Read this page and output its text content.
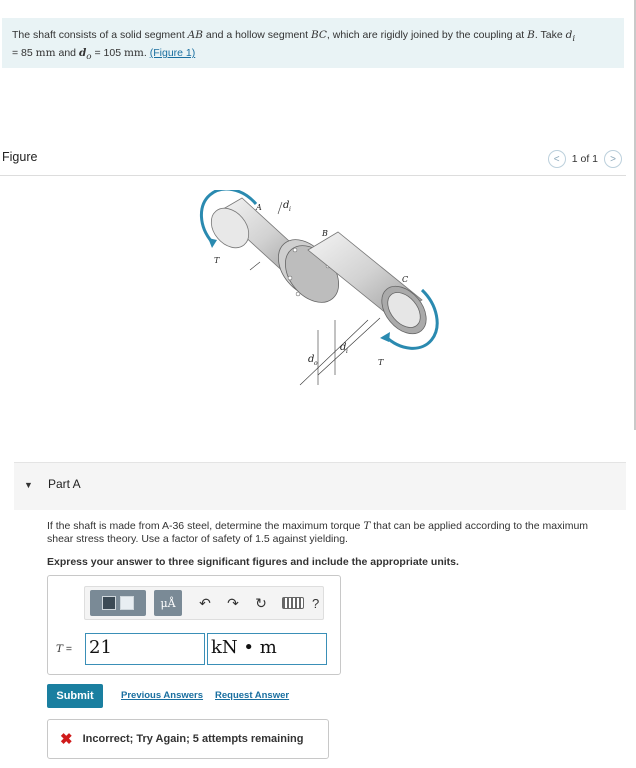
The shaft consists of a solid segment AB and a hollow segment BC, which are rigidly joined by the coupling at B. Take $d_i$
= 85 mm and $d_o = 105$ mm. (Figure 1)
Figure	< 1 of 1 >
A d i
B
C
T
T
d o
d i
▼ Part A
If the shaft is made from A-36 steel, determine the maximum torque T that can be applied according to the maximum shear stress theory. Use a factor of safety of 1.5 against yielding.
Express your answer to three significant figures and include the appropriate units.
μÅ	↶	↷	↻	?
T = 21	kN • m
Submit	Previous Answers Request Answer
✖ Incorrect; Try Again; 5 attempts remaining
